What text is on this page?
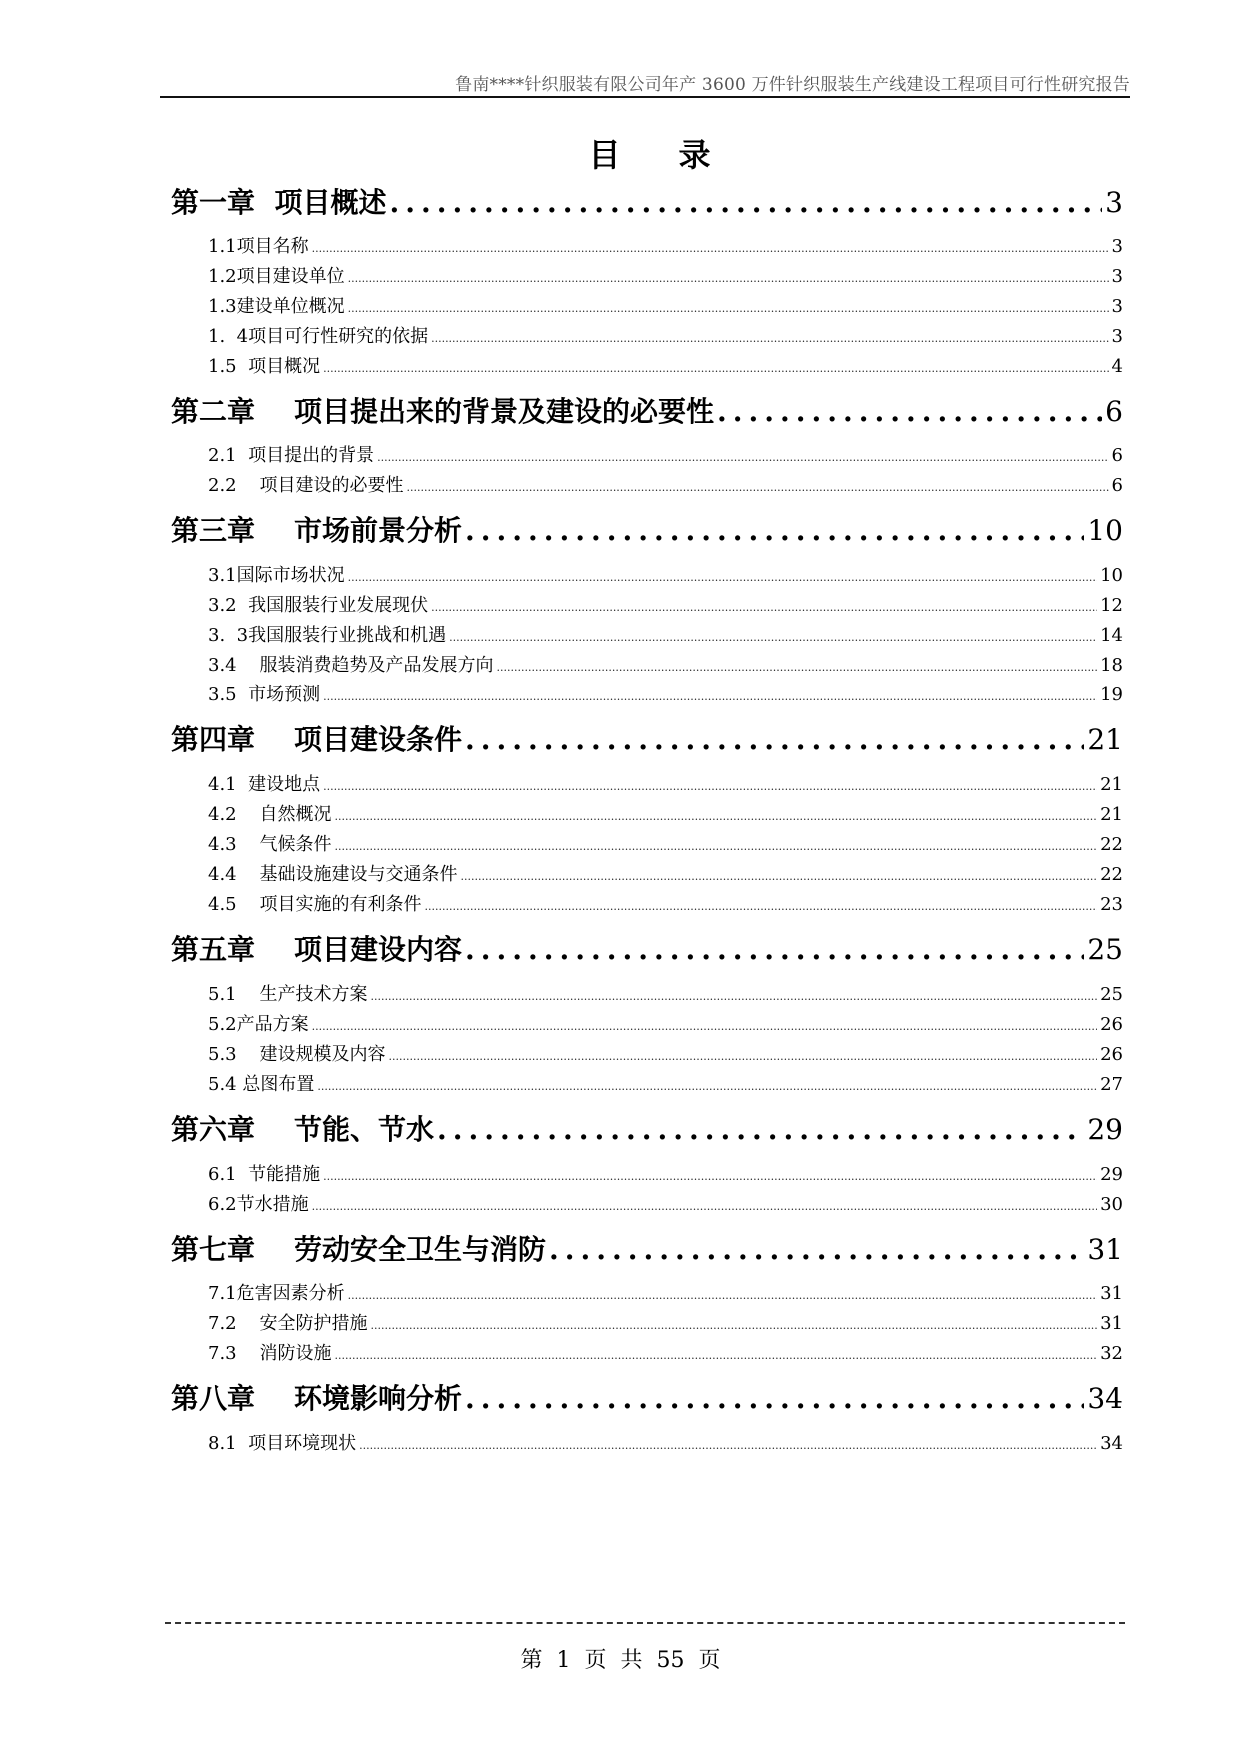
鲁南****针织服装有限公司年产 3600 万件针织服装生产线建设工程项目可行性研究报告
目录
第一章  项目概述 .....	3
1.1项目名称 .....	3
1.2项目建设单位 .....	3
1.3建设单位概况 .....	3
1.  4项目可行性研究的依据 .....	3
1.5  项目概况 .....	4
第二章    项目提出来的背景及建设的必要性 .....	6
2.1  项目提出的背景 .....	6
2.2    项目建设的必要性 .....	6
第三章    市场前景分析 .....	10
3.1国际市场状况 .....	10
3.2  我国服装行业发展现伏 .....	12
3.  3我国服装行业挑战和机遇 .....	14
3.4    服装消费趋势及产品发展方向 .....	18
3.5  市场预测 .....	19
第四章    项目建设条件 .....	21
4.1  建设地点 .....	21
4.2    自然概况 .....	21
4.3    气候条件 .....	22
4.4    基础设施建设与交通条件 .....	22
4.5    项目实施的有利条件 .....	23
第五章    项目建设内容 .....	25
5.1    生产技术方案 .....	25
5.2产品方案 .....	26
5.3    建设规模及内容 .....	26
5.4 总图布置 .....	27
第六章    节能、节水 .....	29
6.1  节能措施 .....	29
6.2节水措施 .....	30
第七章    劳动安全卫生与消防 .....	31
7.1危害因素分析 .....	31
7.2    安全防护措施 .....	31
7.3    消防设施 .....	32
第八章    环境影响分析 .....	34
8.1  项目环境现状 .....	34
第  1  页  共  55  页
